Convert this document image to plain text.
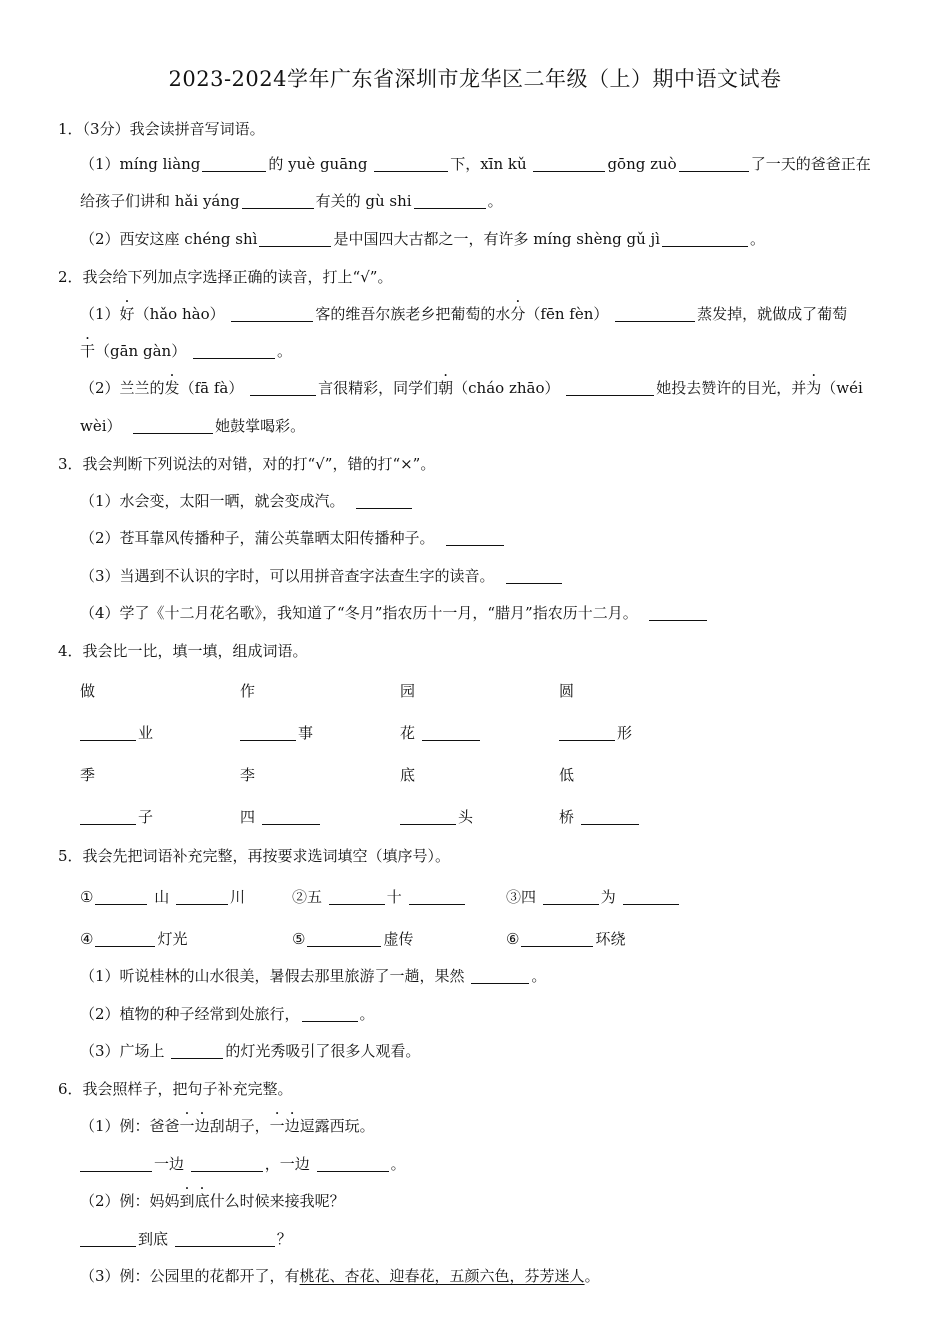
2023-2024学年广东省深圳市龙华区二年级（上）期中语文试卷
1．（3分）我会读拼音写词语。
（1）míng liàng	的 yuè guāng	下，xīn kǔ	gōng zuò	了一天的爸爸正在
给孩子们讲和 hǎi yáng	有关的 gù shi	。
（2）西安这座 chéng shì	是中国四大古都之一，有许多 míng shèng gǔ jì	。
2．我会给下列加点字选择正确的读音，打上“√”。
（1）好（hǎo hào）	客的维吾尔族老乡把葡萄的水分（fēn fèn）	蒸发掉，就做成了葡萄
干（gān gàn）	。
（2）兰兰的发（fā fà）	言很精彩，同学们朝（cháo zhāo）	她投去赞许的目光，并为（wéi
wèi）	她鼓掌喝彩。
3．我会判断下列说法的对错，对的打“√”，错的打“×”。
（1）水会变，太阳一晒，就会变成汽。
（2）苍耳靠风传播种子，蒲公英靠晒太阳传播种子。
（3）当遇到不认识的字时，可以用拼音查字法查生字的读音。
（4）学了《十二月花名歌》，我知道了“冬月”指农历十一月，“腊月”指农历十二月。
4．我会比一比，填一填，组成词语。
做	作	园	圆
业	事	花	形
季	李	底	低
子	四	头	桥
5．我会先把词语补充完整，再按要求选词填空（填序号）。
①	山	川	②五	十	③四	为
④	灯光	⑤	虚传	⑥	环绕
（1）听说桂林的山水很美，暑假去那里旅游了一趟，果然	。
（2）植物的种子经常到处旅行，	。
（3）广场上	的灯光秀吸引了很多人观看。
6．我会照样子，把句子补充完整。
（1）例：爸爸一边刮胡子，一边逗露西玩。
一边	，一边	。
（2）例：妈妈到底什么时候来接我呢？
到底	？
（3）例：公园里的花都开了，有桃花、杏花、迎春花，五颜六色，芬芳迷人。
